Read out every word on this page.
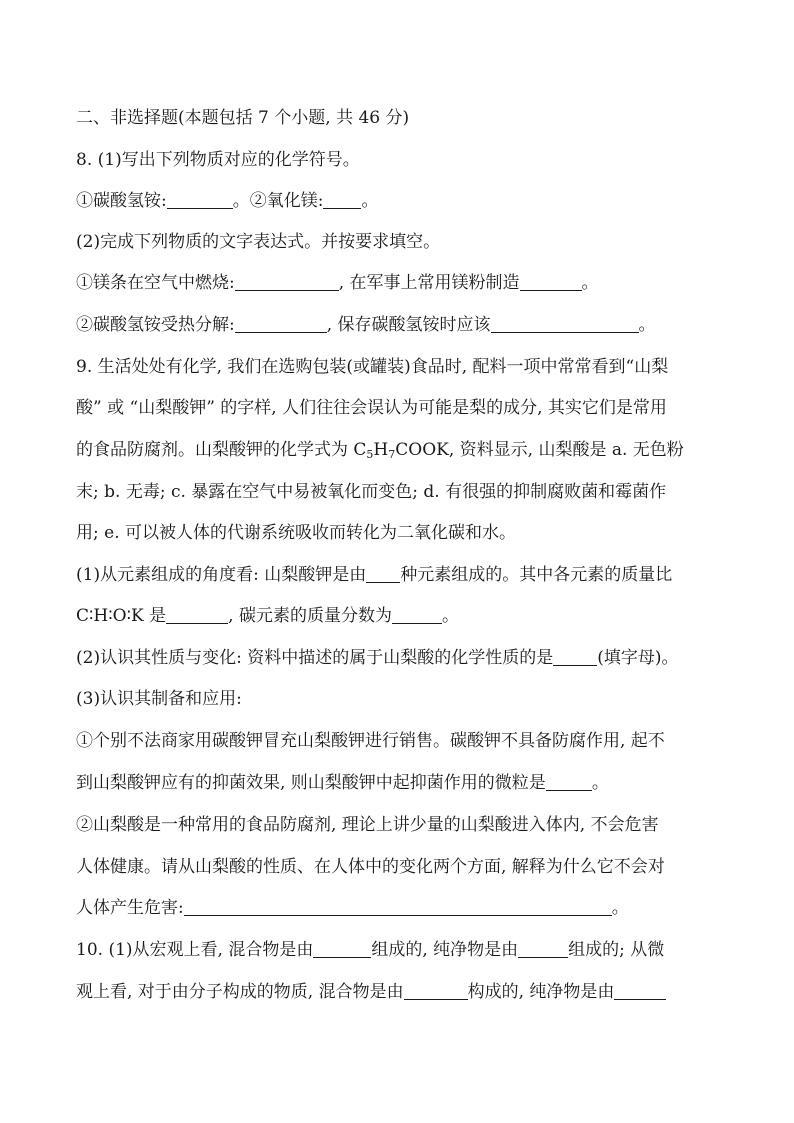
二、非选择题(本题包括 7 个小题, 共 46 分)
8. (1)写出下列物质对应的化学符号。
①碳酸氢铵:	。②氧化镁: 。
(2)完成下列物质的文字表达式。并按要求填空。
①镁条在空气中燃烧:	, 在军事上常用镁粉制造	。
②碳酸氢铵受热分解:	, 保存碳酸氢铵时应该	。
9. 生活处处有化学, 我们在选购包装(或罐装)食品时, 配料一项中常常看到“山梨
酸” 或 “山梨酸钾” 的字样, 人们往往会误认为可能是梨的成分, 其实它们是常用
的食品防腐剂。山梨酸钾的化学式为 $C_5H_7COOK$, 资料显示, 山梨酸是 a. 无色粉
末; b. 无毒; c. 暴露在空气中易被氧化而变色; d. 有很强的抑制腐败菌和霉菌作
用; e. 可以被人体的代谢系统吸收而转化为二氧化碳和水。
(1)从元素组成的角度看: 山梨酸钾是由 种元素组成的。其中各元素的质量比
C∶H∶O∶K 是	, 碳元素的质量分数为	。
(2)认识其性质与变化: 资料中描述的属于山梨酸的化学性质的是	(填字母)。
(3)认识其制备和应用:
①个别不法商家用碳酸钾冒充山梨酸钾进行销售。碳酸钾不具备防腐作用, 起不
到山梨酸钾应有的抑菌效果, 则山梨酸钾中起抑菌作用的微粒是	。
②山梨酸是一种常用的食品防腐剂, 理论上讲少量的山梨酸进入体内, 不会危害
人体健康。请从山梨酸的性质、在人体中的变化两个方面, 解释为什么它不会对
人体产生危害:	。
10. (1)从宏观上看, 混合物是由	组成的, 纯净物是由	组成的; 从微
观上看, 对于由分子构成的物质, 混合物是由	构成的, 纯净物是由
